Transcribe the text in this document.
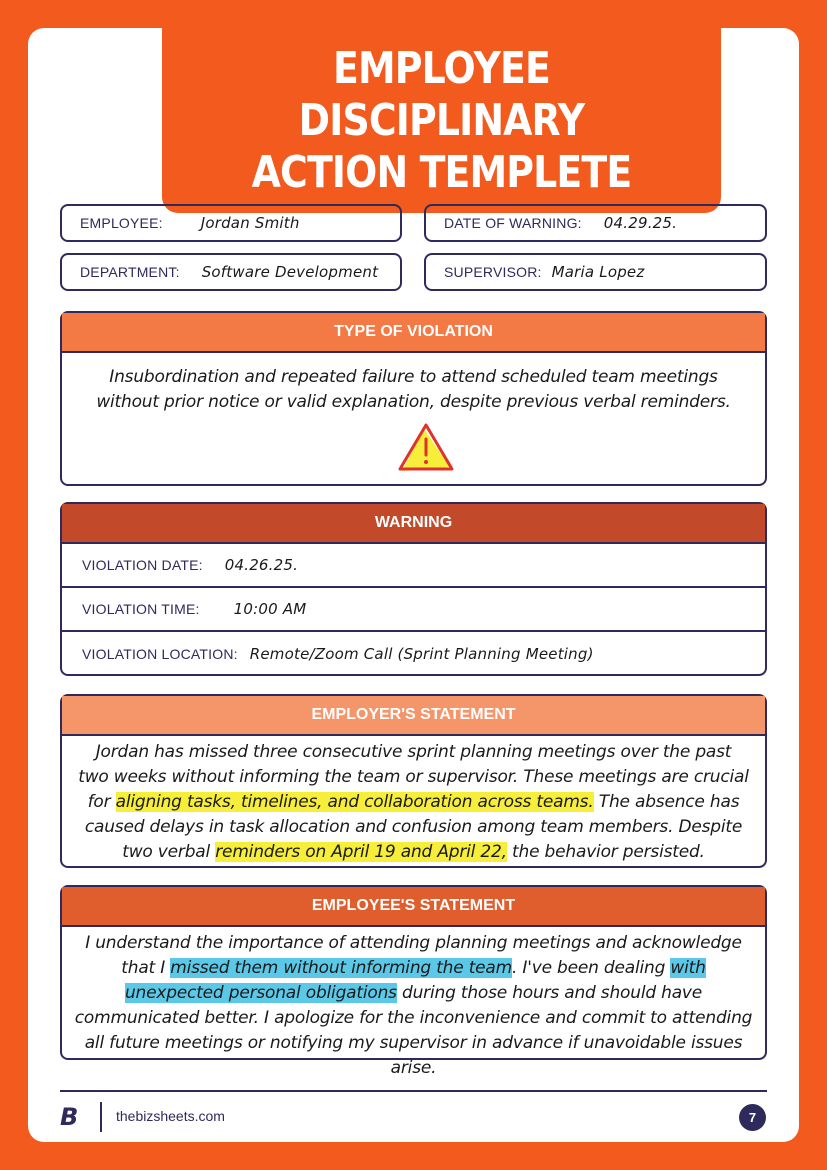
EMPLOYEE DISCIPLINARY
ACTION TEMPLETE
EMPLOYEE:	Jordan Smith	DATE OF WARNING: 04.29.25.
DEPARTMENT: Software Development	SUPERVISOR: Maria Lopez
TYPE OF VIOLATION
Insubordination and repeated failure to attend scheduled team meetings
without prior notice or valid explanation, despite previous verbal reminders.
WARNING
VIOLATION DATE: 04.26.25.
VIOLATION TIME: 10:00 AM
VIOLATION LOCATION: Remote/Zoom Call (Sprint Planning Meeting)
EMPLOYER'S STATEMENT
Jordan has missed three consecutive sprint planning meetings over the past two weeks without informing the team or supervisor. These meetings are crucial for aligning tasks, timelines, and collaboration across teams. The absence has caused delays in task allocation and confusion among team members. Despite two verbal reminders on April 19 and April 22, the behavior persisted.
EMPLOYEE'S STATEMENT
I understand the importance of attending planning meetings and acknowledge that I missed them without informing the team. I've been dealing with unexpected personal obligations during those hours and should have communicated better. I apologize for the inconvenience and commit to attending all future meetings or notifying my supervisor in advance if unavoidable issues arise.
B	thebizsheets.com	7
